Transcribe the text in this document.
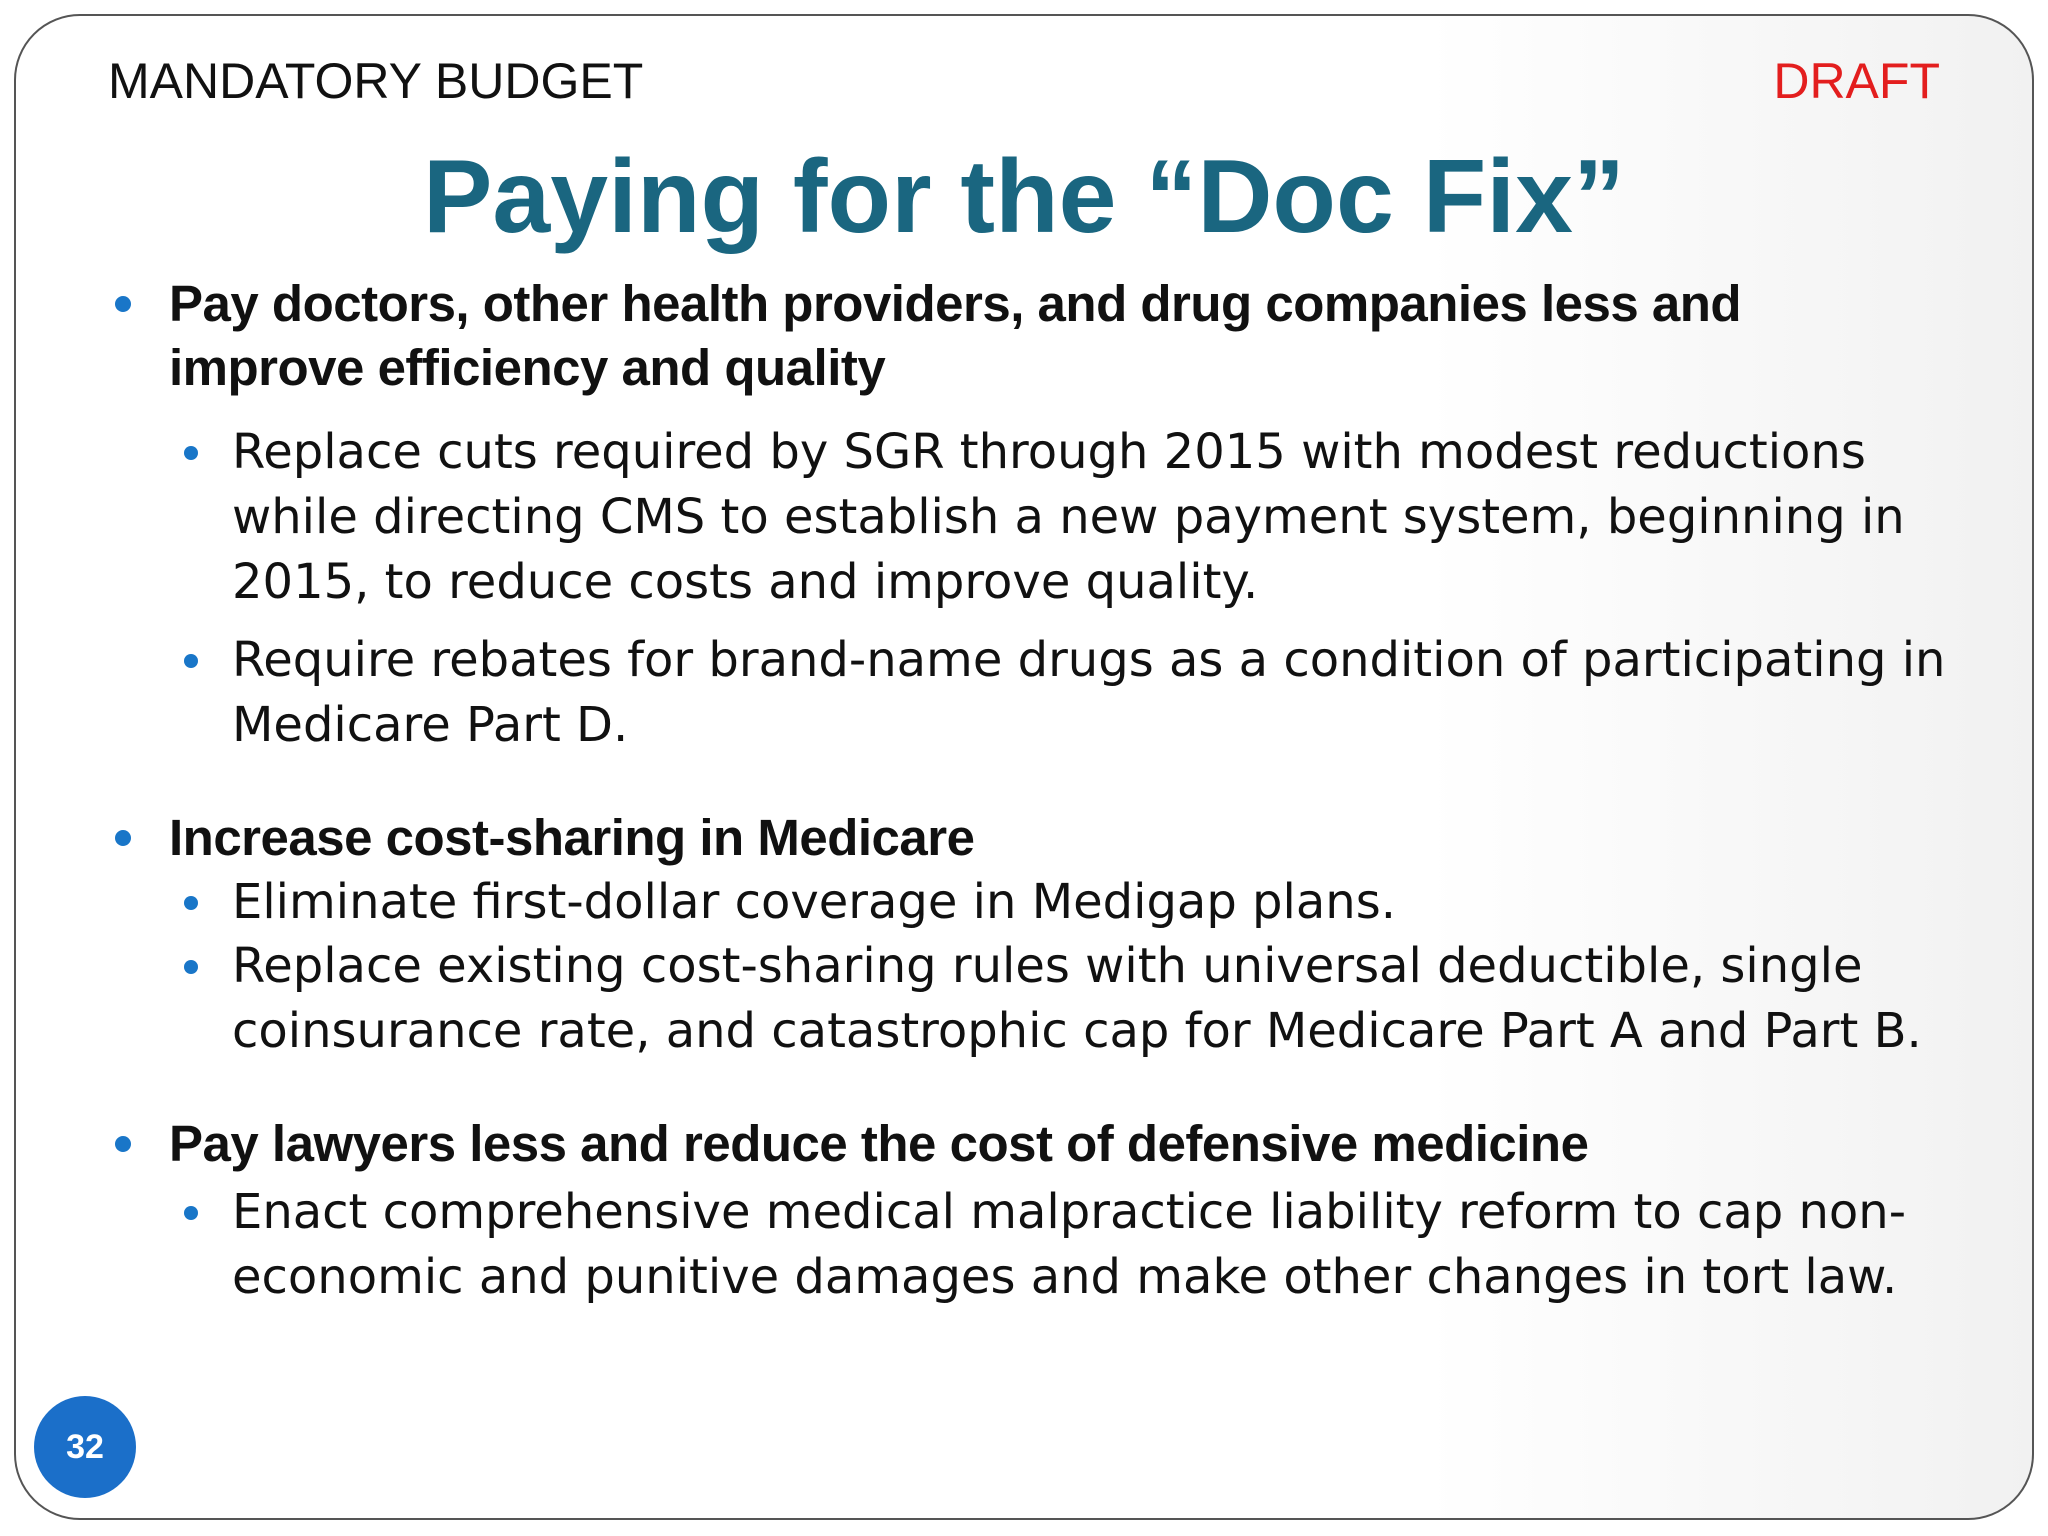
MANDATORY BUDGET	DRAFT
Paying for the “Doc Fix”
Pay doctors, other health providers, and drug companies less and improve efficiency and quality
Replace cuts required by SGR through 2015 with modest reductions while directing CMS to establish a new payment system, beginning in 2015, to reduce costs and improve quality.
Require rebates for brand-name drugs as a condition of participating in Medicare Part D.
Increase cost-sharing in Medicare
Eliminate first-dollar coverage in Medigap plans.
Replace existing cost-sharing rules with universal deductible, single coinsurance rate, and catastrophic cap for Medicare Part A and Part B.
Pay lawyers less and reduce the cost of defensive medicine
Enact comprehensive medical malpractice liability reform to cap non-economic and punitive damages and make other changes in tort law.
32
